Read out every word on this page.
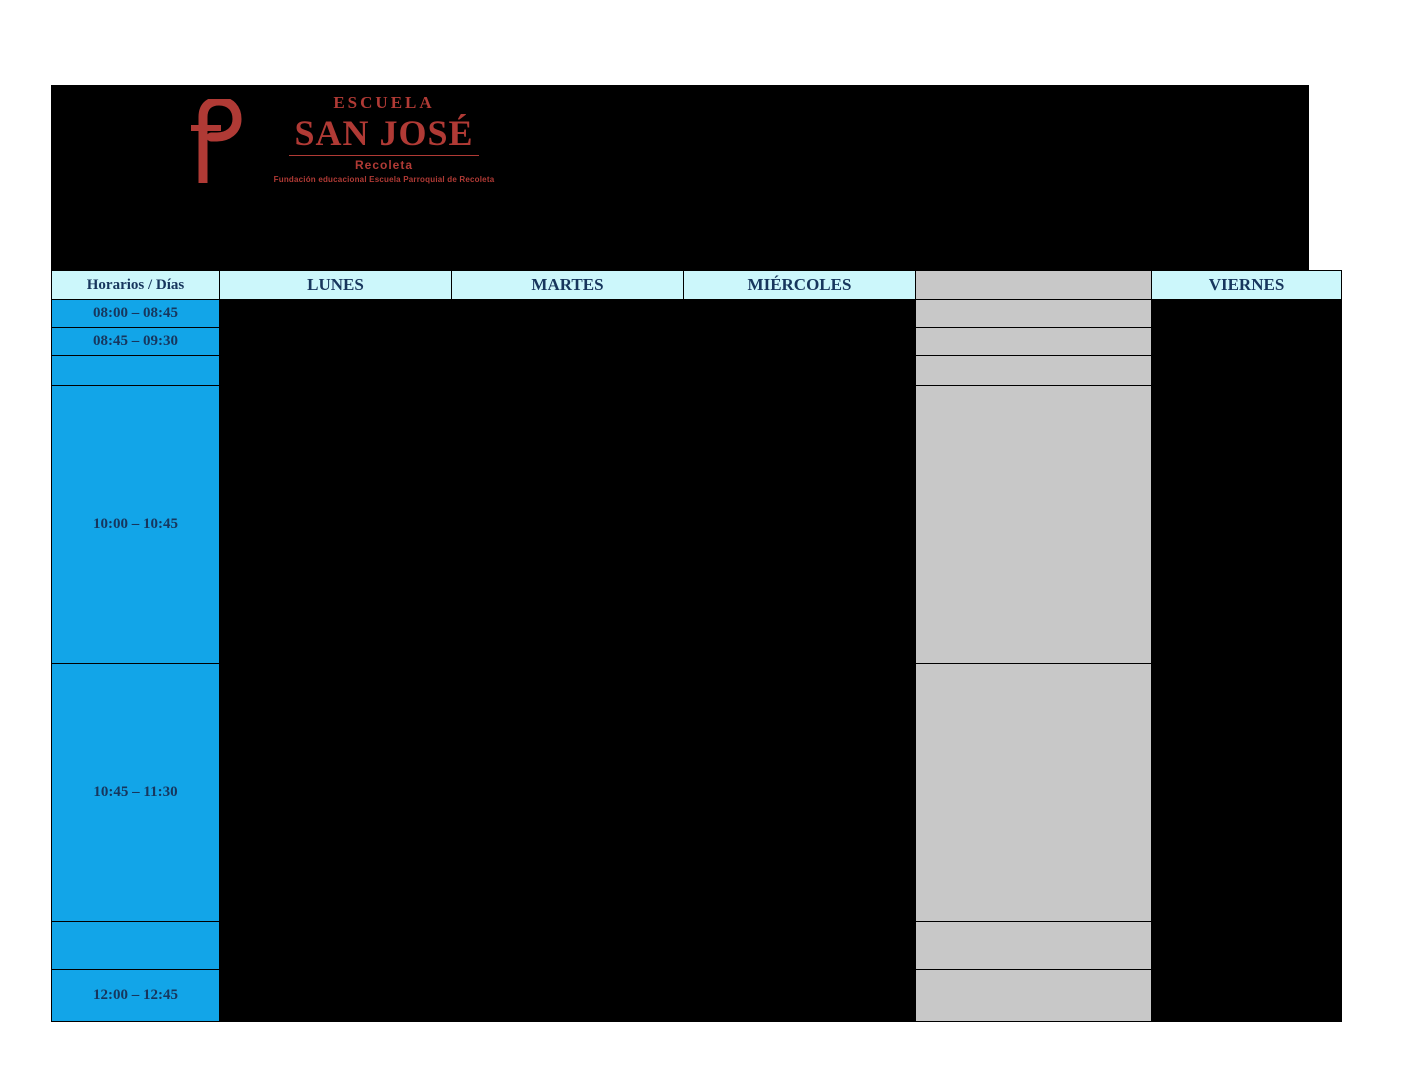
ESCUELA
SAN JOSÉ
Recoleta
Fundación educacional Escuela Parroquial de Recoleta
Horarios / Días	LUNES	MARTES	MIÉRCOLES		VIERNES
08:00 – 08:45					
08:45 – 09:30					

10:00 – 10:45					
10:45 – 11:30					

12:00 – 12:45					
